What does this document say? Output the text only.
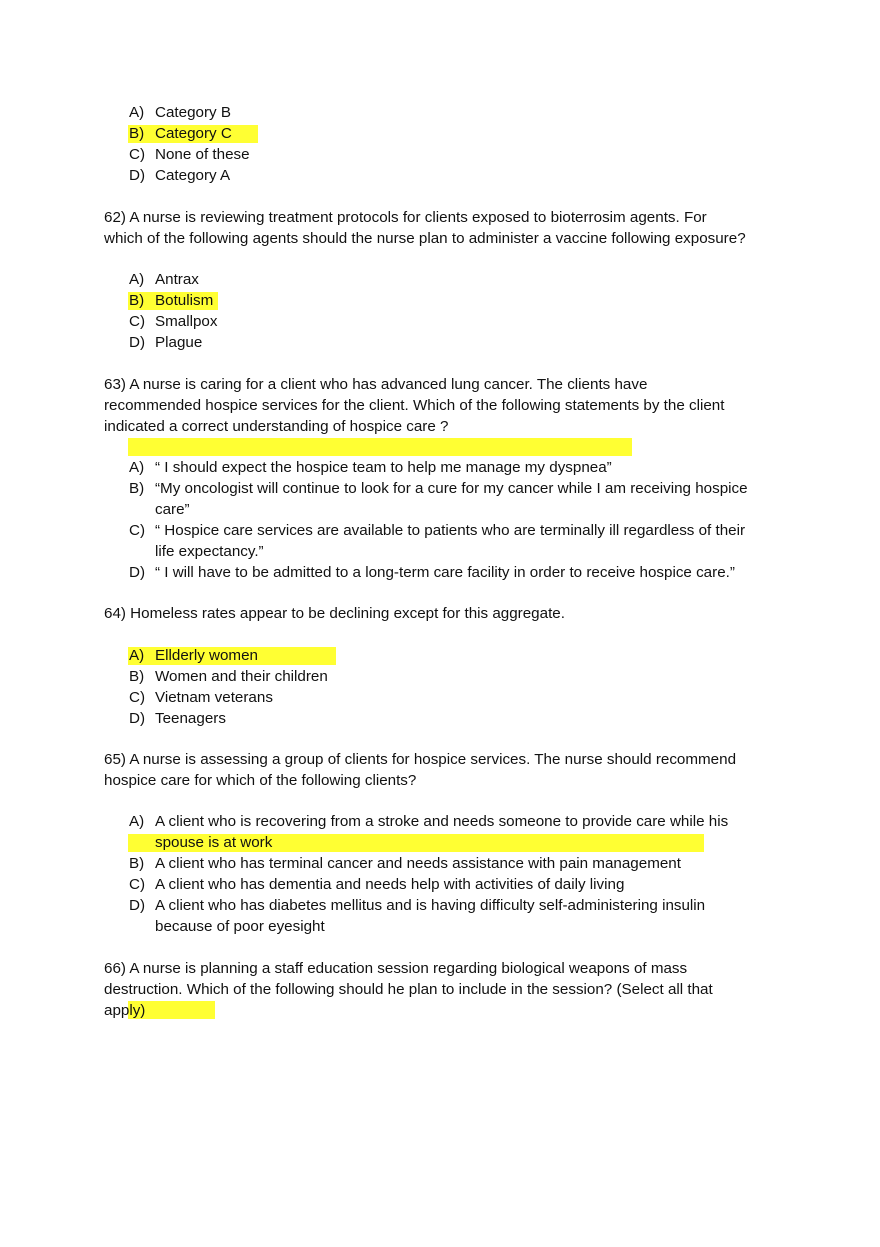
A) Category B
B) Category C
C) None of these
D) Category A
62) A nurse is reviewing treatment protocols for clients exposed to bioterrosim agents. For
which of the following agents should the nurse plan to administer a vaccine following exposure?
A) Antrax
B) Botulism
C) Smallpox
D) Plague
63) A nurse is caring for a client who has advanced lung cancer. The clients have
recommended hospice services for the client. Which of the following statements by the client
indicated a correct understanding of hospice care ?
A) “ I should expect the hospice team to help me manage my dyspnea”
B) “My oncologist will continue to look for a cure for my cancer while I am receiving hospice
care”
C) “ Hospice care services are available to patients who are terminally ill regardless of their
life expectancy.”
D) “ I will have to be admitted to a long-term care facility in order to receive hospice care.”
64) Homeless rates appear to be declining except for this aggregate.
A) Ellderly women
B) Women and their children
C) Vietnam veterans
D) Teenagers
65) A nurse is assessing a group of clients for hospice services. The nurse should recommend
hospice care for which of the following clients?
A) A client who is recovering from a stroke and needs someone to provide care while his
spouse is at work
B) A client who has terminal cancer and needs assistance with pain management
C) A client who has dementia and needs help with activities of daily living
D) A client who has diabetes mellitus and is having difficulty self-administering insulin
because of poor eyesight
66) A nurse is planning a staff education session regarding biological weapons of mass
destruction. Which of the following should he plan to include in the session? (Select all that
apply)
